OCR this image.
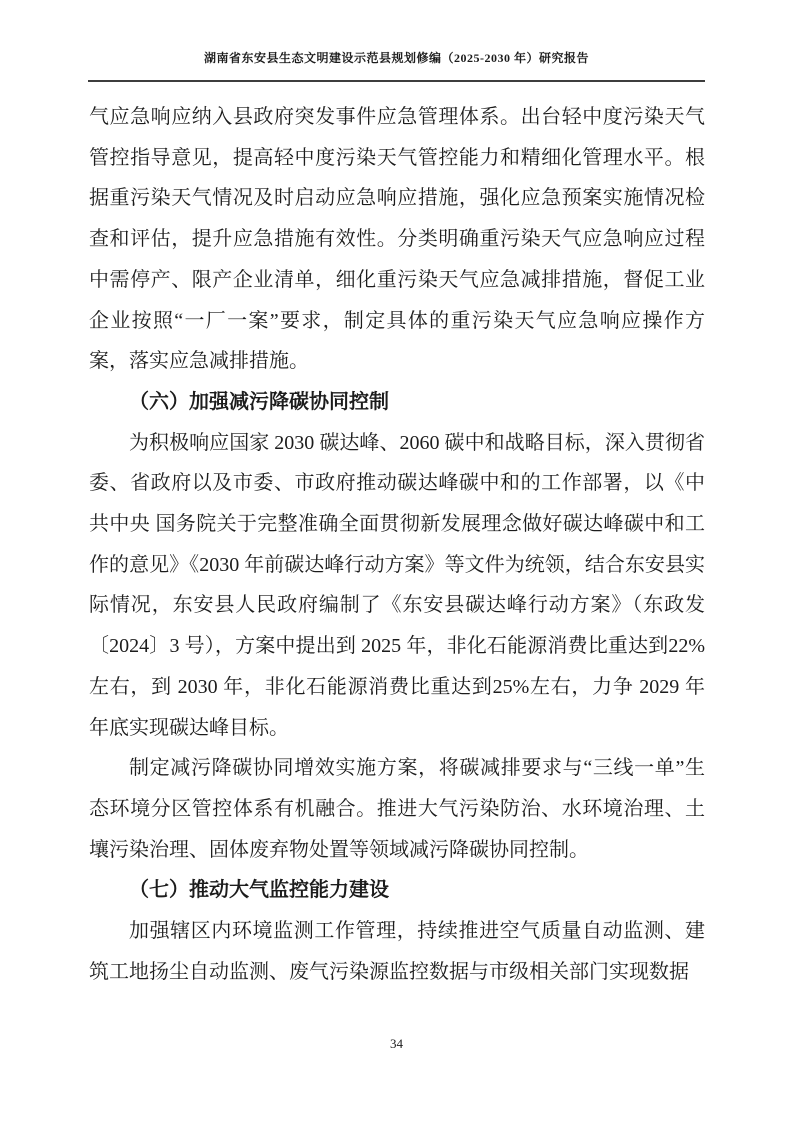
湖南省东安县生态文明建设示范县规划修编（2025-2030 年）研究报告
气应急响应纳入县政府突发事件应急管理体系。出台轻中度污染天气管控指导意见，提高轻中度污染天气管控能力和精细化管理水平。根据重污染天气情况及时启动应急响应措施，强化应急预案实施情况检查和评估，提升应急措施有效性。分类明确重污染天气应急响应过程中需停产、限产企业清单，细化重污染天气应急减排措施，督促工业企业按照“一厂一案”要求，制定具体的重污染天气应急响应操作方案，落实应急减排措施。
（六）加强减污降碳协同控制
为积极响应国家 2030 碳达峰、2060 碳中和战略目标，深入贯彻省委、省政府以及市委、市政府推动碳达峰碳中和的工作部署，以《中共中央 国务院关于完整准确全面贯彻新发展理念做好碳达峰碳中和工作的意见》《2030 年前碳达峰行动方案》等文件为统领，结合东安县实际情况，东安县人民政府编制了《东安县碳达峰行动方案》（东政发〔2024〕3 号），方案中提出到 2025 年，非化石能源消费比重达到22%左右，到 2030 年，非化石能源消费比重达到25%左右，力争 2029 年年底实现碳达峰目标。
制定减污降碳协同增效实施方案，将碳减排要求与“三线一单”生态环境分区管控体系有机融合。推进大气污染防治、水环境治理、土壤污染治理、固体废弃物处置等领域减污降碳协同控制。
（七）推动大气监控能力建设
加强辖区内环境监测工作管理，持续推进空气质量自动监测、建筑工地扬尘自动监测、废气污染源监控数据与市级相关部门实现数据
34
